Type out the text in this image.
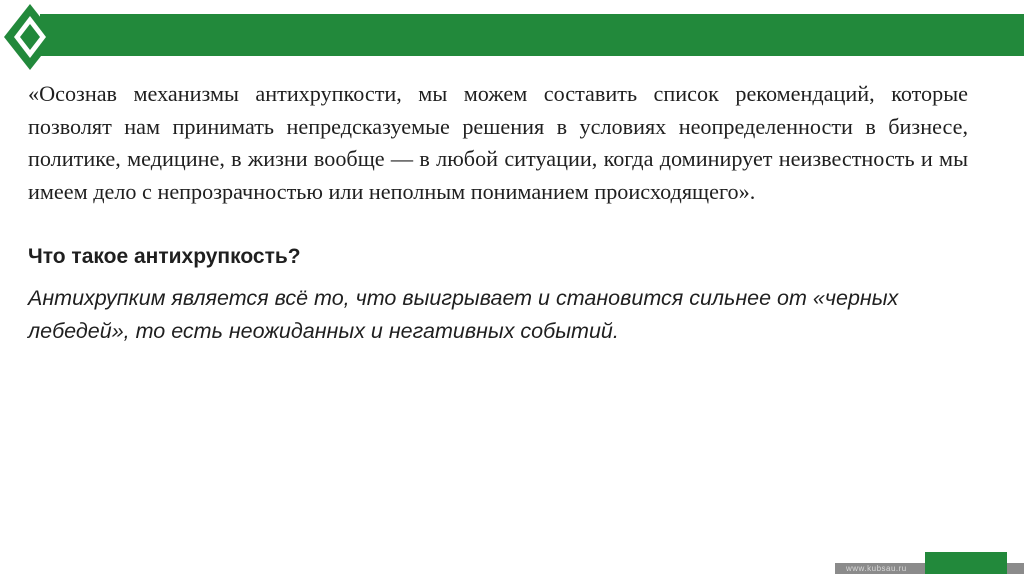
«Осознав механизмы антихрупкости, мы можем составить список рекомендаций, которые позволят нам принимать непредсказуемые решения в условиях неопределенности в бизнесе, политике, медицине, в жизни вообще — в любой ситуации, когда доминирует неизвестность и мы имеем дело с непрозрачностью или неполным пониманием происходящего».

Что такое антихрупкость?

Антихрупким является всё то, что выигрывает и становится сильнее от «черных лебедей», то есть неожиданных и негативных событий.

www.kubsau.ru
